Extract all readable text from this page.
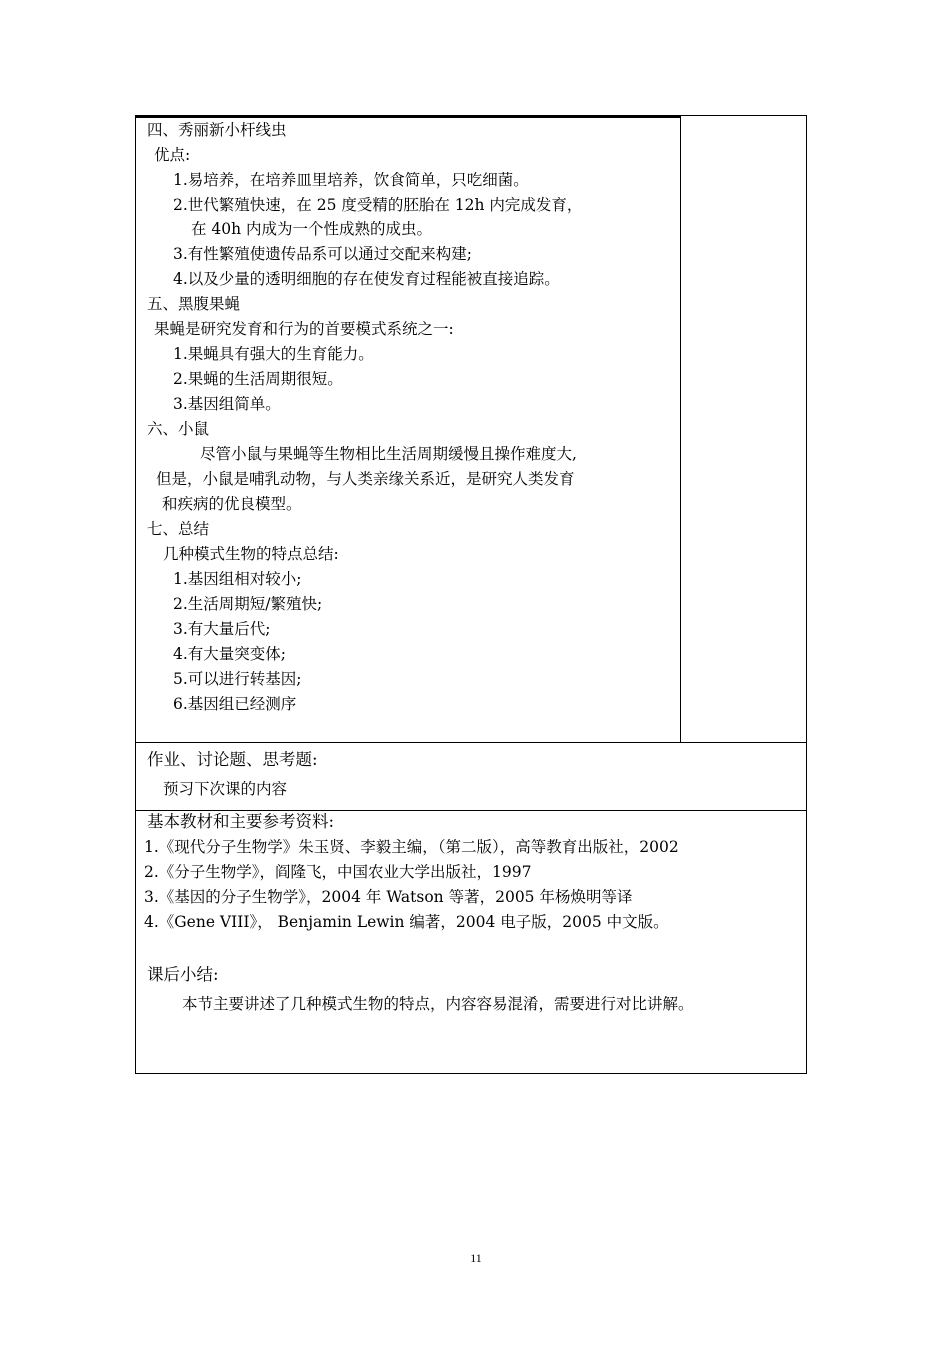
四、秀丽新小杆线虫
优点:
1.易培养，在培养皿里培养，饮食简单，只吃细菌。
2.世代繁殖快速，在 25 度受精的胚胎在 12h 内完成发育，
在 40h 内成为一个性成熟的成虫。
3.有性繁殖使遗传品系可以通过交配来构建;
4.以及少量的透明细胞的存在使发育过程能被直接追踪。
五、黑腹果蝇
果蝇是研究发育和行为的首要模式系统之一:
1.果蝇具有强大的生育能力。
2.果蝇的生活周期很短。
3.基因组简单。
六、小鼠
尽管小鼠与果蝇等生物相比生活周期缓慢且操作难度大,
但是，小鼠是哺乳动物，与人类亲缘关系近，是研究人类发育
和疾病的优良模型。
七、总结
几种模式生物的特点总结:
1.基因组相对较小;
2.生活周期短/繁殖快;
3.有大量后代;
4.有大量突变体;
5.可以进行转基因;
6.基因组已经测序
作业、讨论题、思考题:
预习下次课的内容
基本教材和主要参考资料:
1.《现代分子生物学》朱玉贤、李毅主编，（第二版），高等教育出版社，2002
2.《分子生物学》，阎隆飞，中国农业大学出版社，1997
3.《基因的分子生物学》，2004 年 Watson 等著，2005 年杨焕明等译
4.《Gene VIII》， Benjamin Lewin 编著，2004 电子版，2005 中文版。
课后小结:
本节主要讲述了几种模式生物的特点，内容容易混淆，需要进行对比讲解。
11
